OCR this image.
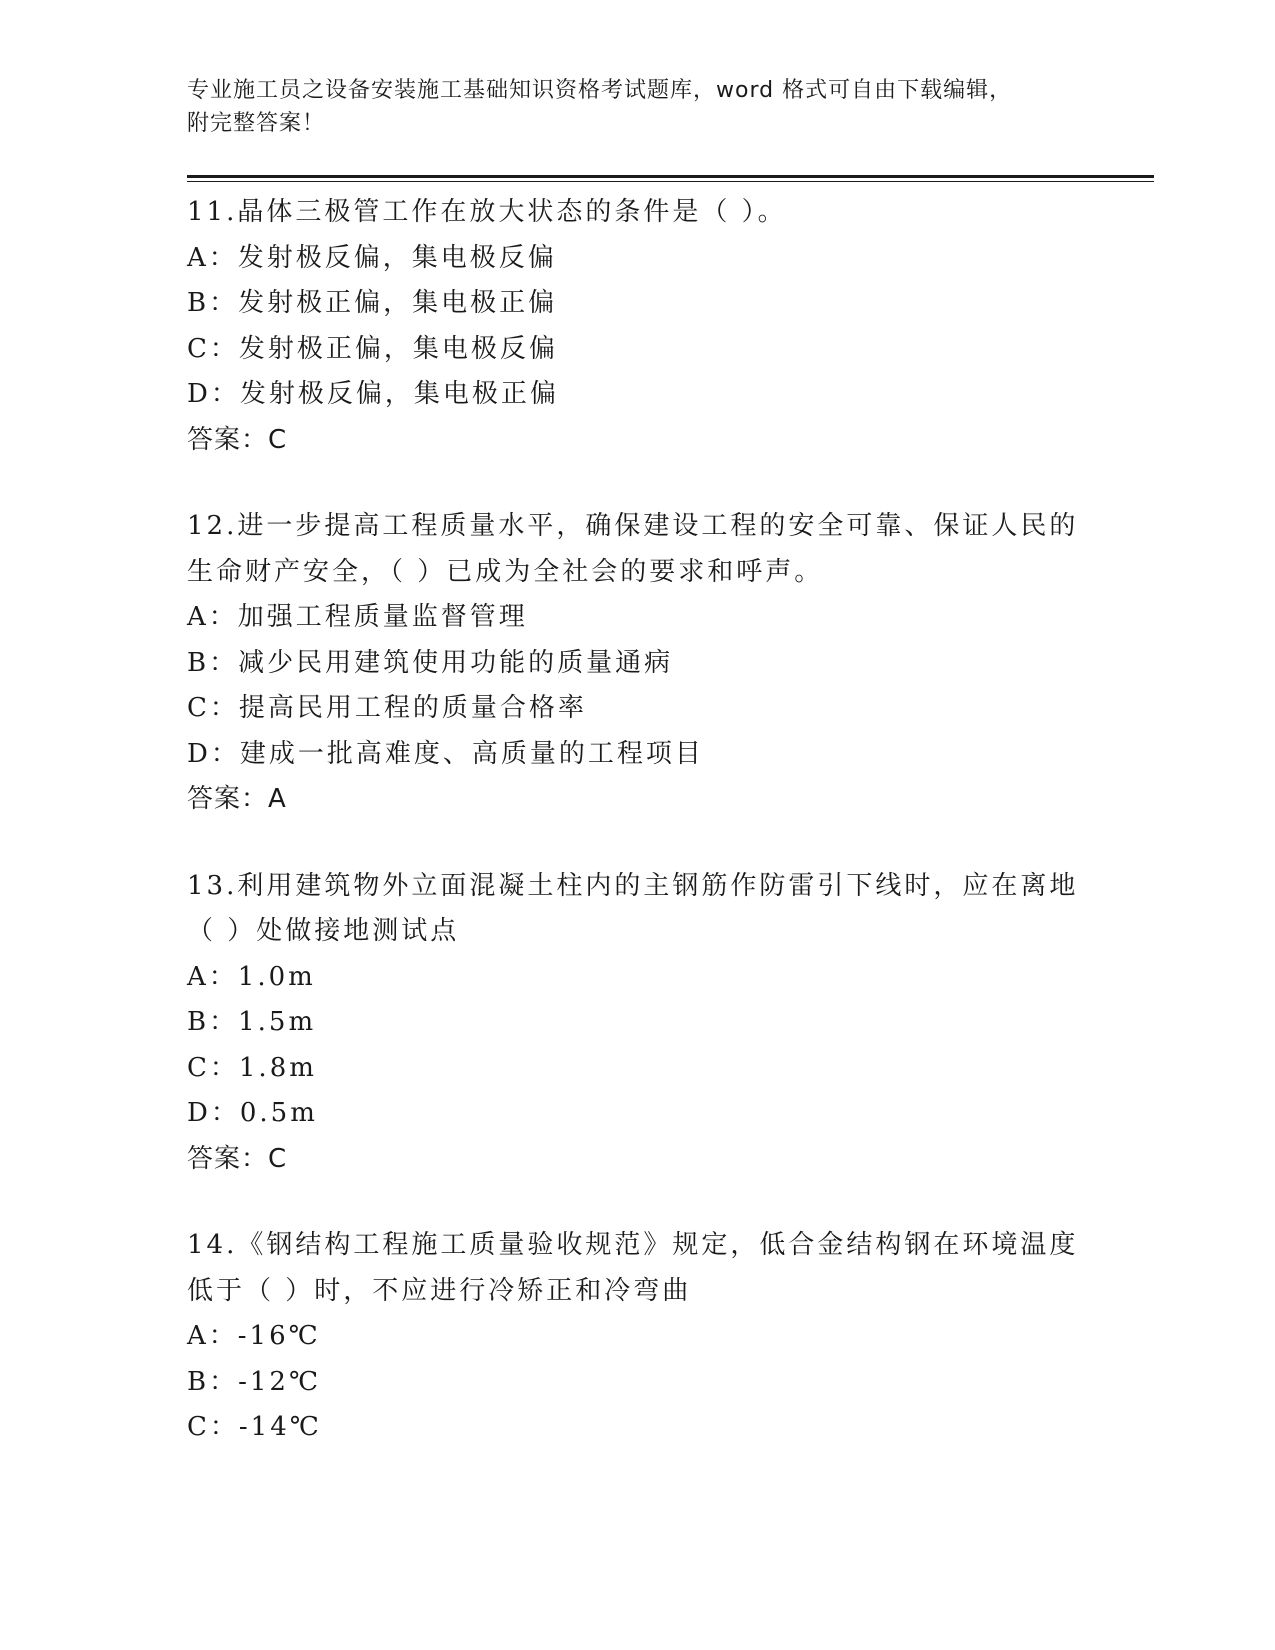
专业施工员之设备安装施工基础知识资格考试题库，word 格式可自由下载编辑，
附完整答案！
11.晶体三极管工作在放大状态的条件是（ ）。
A：发射极反偏，集电极反偏
B：发射极正偏，集电极正偏
C：发射极正偏，集电极反偏
D：发射极反偏，集电极正偏
答案：C
12.进一步提高工程质量水平，确保建设工程的安全可靠、保证人民的
生命财产安全，（ ）已成为全社会的要求和呼声。
A：加强工程质量监督管理
B：减少民用建筑使用功能的质量通病
C：提高民用工程的质量合格率
D：建成一批高难度、高质量的工程项目
答案：A
13.利用建筑物外立面混凝土柱内的主钢筋作防雷引下线时，应在离地
（ ）处做接地测试点
A：1.0m
B：1.5m
C：1.8m
D：0.5m
答案：C
14.《钢结构工程施工质量验收规范》规定，低合金结构钢在环境温度
低于（ ）时，不应进行冷矫正和冷弯曲
A：-16℃
B：-12℃
C：-14℃
